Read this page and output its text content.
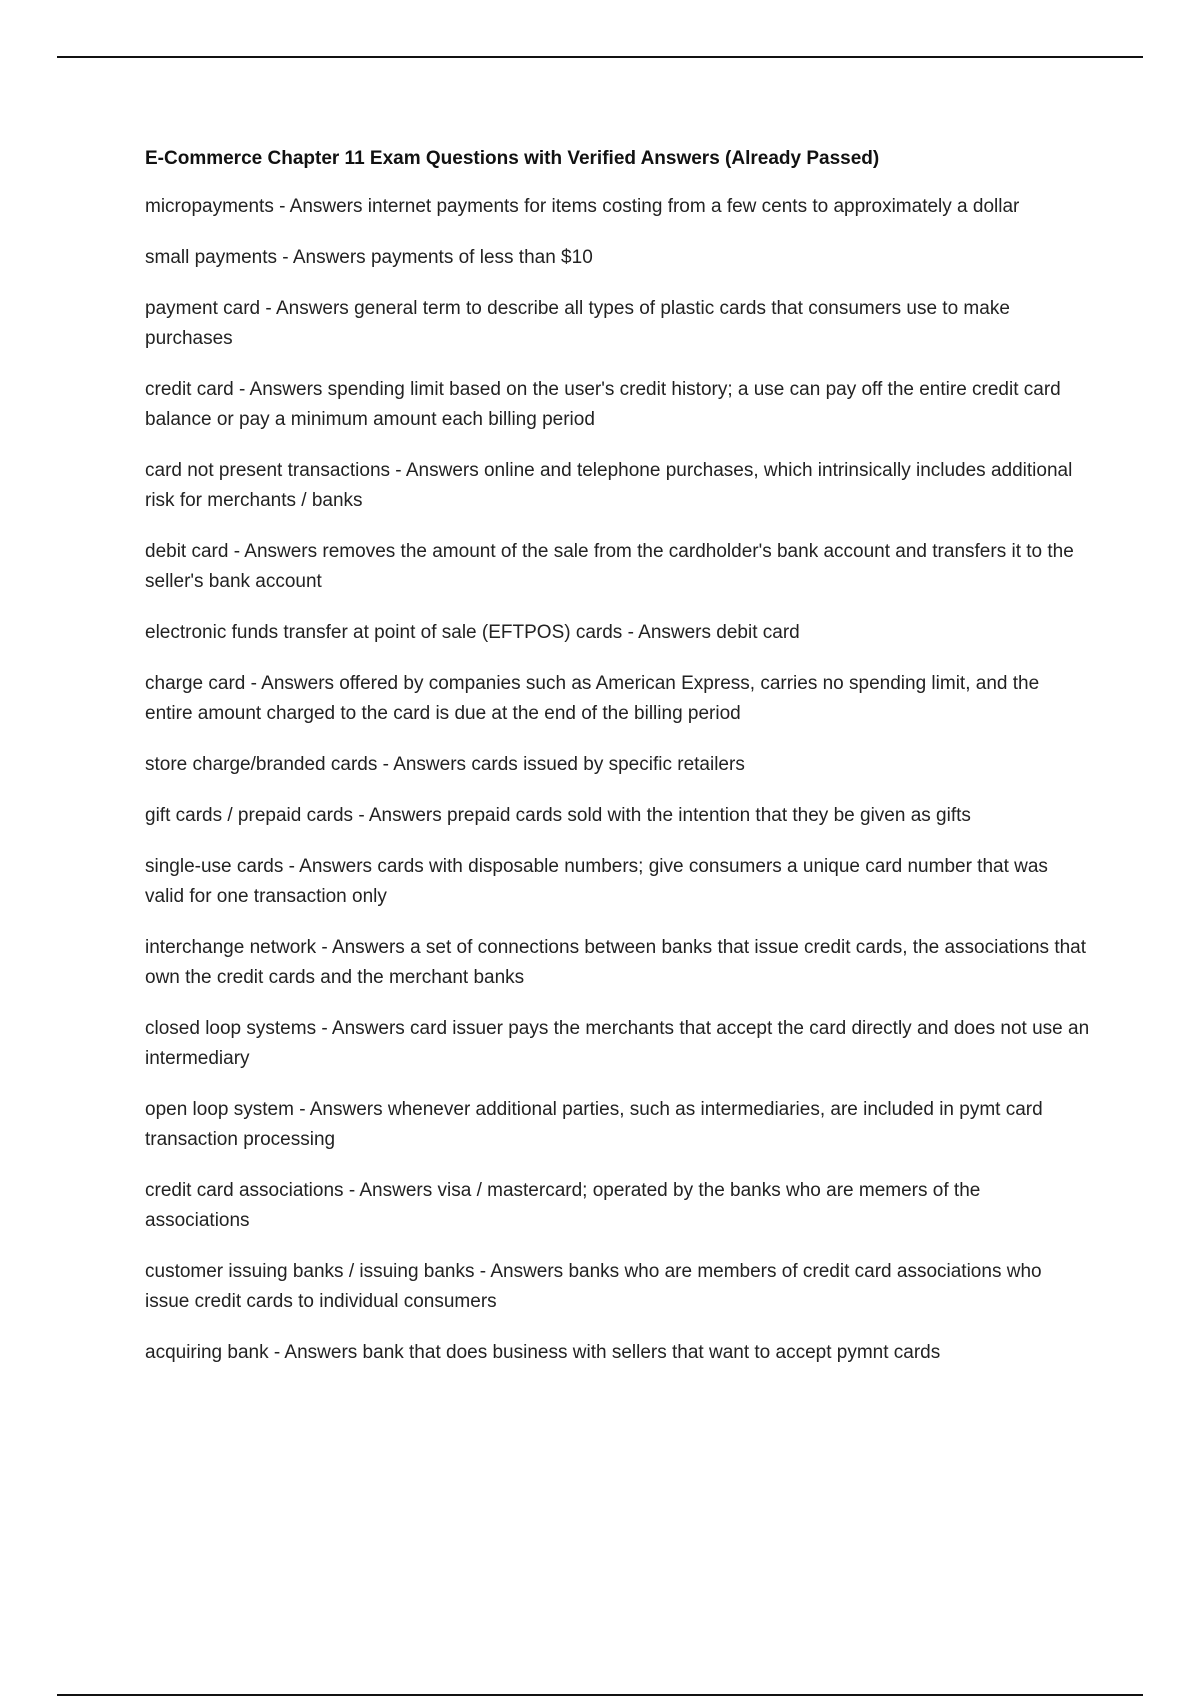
E-Commerce Chapter 11 Exam Questions with Verified Answers (Already Passed)

micropayments - Answers internet payments for items costing from a few cents to approximately a dollar

small payments - Answers payments of less than $10

payment card - Answers general term to describe all types of plastic cards that consumers use to make purchases

credit card - Answers spending limit based on the user's credit history; a use can pay off the entire credit card balance or pay a minimum amount each billing period

card not present transactions - Answers online and telephone purchases, which intrinsically includes additional risk for merchants / banks

debit card - Answers removes the amount of the sale from the cardholder's bank account and transfers it to the seller's bank account

electronic funds transfer at point of sale (EFTPOS) cards - Answers debit card

charge card - Answers offered by companies such as American Express, carries no spending limit, and the entire amount charged to the card is due at the end of the billing period

store charge/branded cards - Answers cards issued by specific retailers

gift cards / prepaid cards - Answers prepaid cards sold with the intention that they be given as gifts

single-use cards - Answers cards with disposable numbers; give consumers a unique card number that was valid for one transaction only

interchange network - Answers a set of connections between banks that issue credit cards, the associations that own the credit cards and the merchant banks

closed loop systems - Answers card issuer pays the merchants that accept the card directly and does not use an intermediary

open loop system - Answers whenever additional parties, such as intermediaries, are included in pymt card transaction processing

credit card associations - Answers visa / mastercard; operated by the banks who are memers of the associations

customer issuing banks / issuing banks - Answers banks who are members of credit card associations who issue credit cards to individual consumers

acquiring bank - Answers bank that does business with sellers that want to accept pymnt cards
